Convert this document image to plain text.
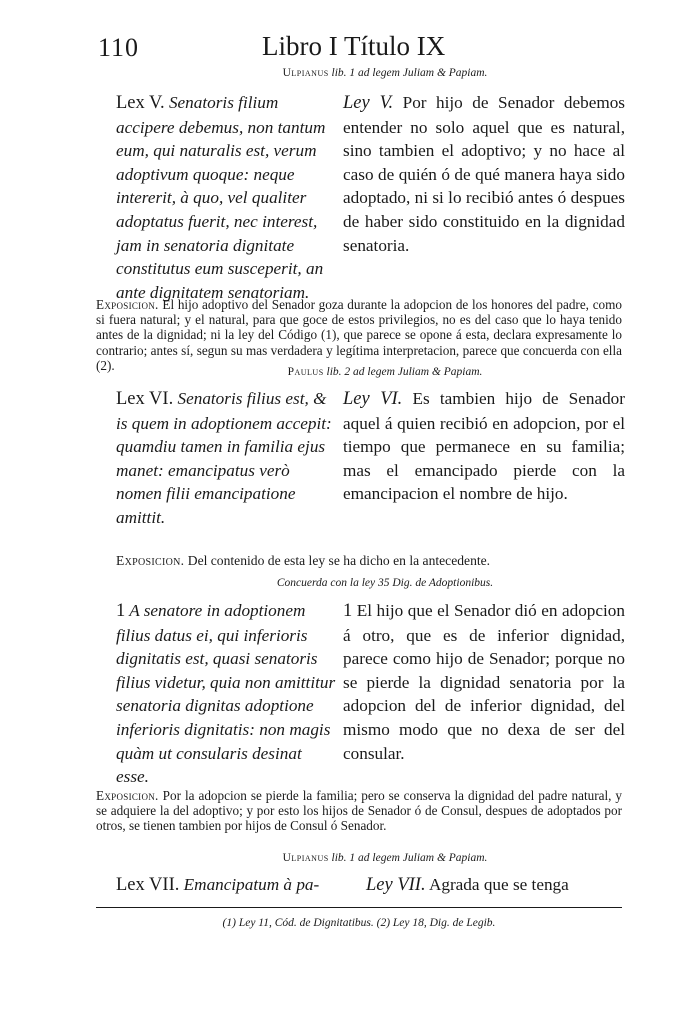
110	Libro I Título IX
Ulpianus lib. 1 ad legem Juliam & Papiam.

Lex V. Senatoris filium accipere debemus, non tantum eum, qui naturalis est, verum adoptivum quoque: neque intererit, à quo, vel qualiter adoptatus fuerit, nec interest, jam in senatoria dignitate constitutus eum susceperit, an ante dignitatem senatoriam.

Ley V. Por hijo de Senador debemos entender no solo aquel que es natural, sino tambien el adoptivo; y no hace al caso de quién ó de qué manera haya sido adoptado, ni si lo recibió antes ó despues de haber sido constituido en la dignidad senatoria.

Exposicion. El hijo adoptivo del Senador goza durante la adopcion de los honores del padre, como si fuera natural; y el natural, para que goce de estos privilegios, no es del caso que lo haya tenido antes de la dignidad; ni la ley del Código (1), que parece se opone á esta, declara expresamente lo contrario; antes sí, segun su mas verdadera y legítima interpretacion, parece que concuerda con ella (2).	Paulus lib. 2 ad legem Juliam & Papiam.

Lex VI. Senatoris filius est, & is quem in adoptionem accepit: quamdiu tamen in familia ejus manet: emancipatus verò nomen filii emancipatione amittit.

Ley VI. Es tambien hijo de Senador aquel á quien recibió en adopcion, por el tiempo que permanece en su familia; mas el emancipado pierde con la emancipacion el nombre de hijo.

Exposicion. Del contenido de esta ley se ha dicho en la antecedente.

Concuerda con la ley 35 Dig. de Adoptionibus.

1 A senatore in adoptionem filius datus ei, qui inferioris dignitatis est, quasi senatoris filius videtur, quia non amittitur senatoria dignitas adoptione inferioris dignitatis: non magis quàm ut consularis desinat esse.

1 El hijo que el Senador dió en adopcion á otro, que es de inferior dignidad, parece como hijo de Senador; porque no se pierde la dignidad senatoria por la adopcion del de inferior dignidad, del mismo modo que no dexa de ser del consular.

Exposicion. Por la adopcion se pierde la familia; pero se conserva la dignidad del padre natural, y se adquiere la del adoptivo; y por esto los hijos de Senador ó de Consul, despues de adoptados por otros, se tienen tambien por hijos de Consul ó Senador.

Ulpianus lib. 1 ad legem Juliam & Papiam.

Lex VII. Emancipatum à pa-	Ley VII. Agrada que se tenga

(1) Ley 11, Cód. de Dignitatibus. (2) Ley 18, Dig. de Legib.
